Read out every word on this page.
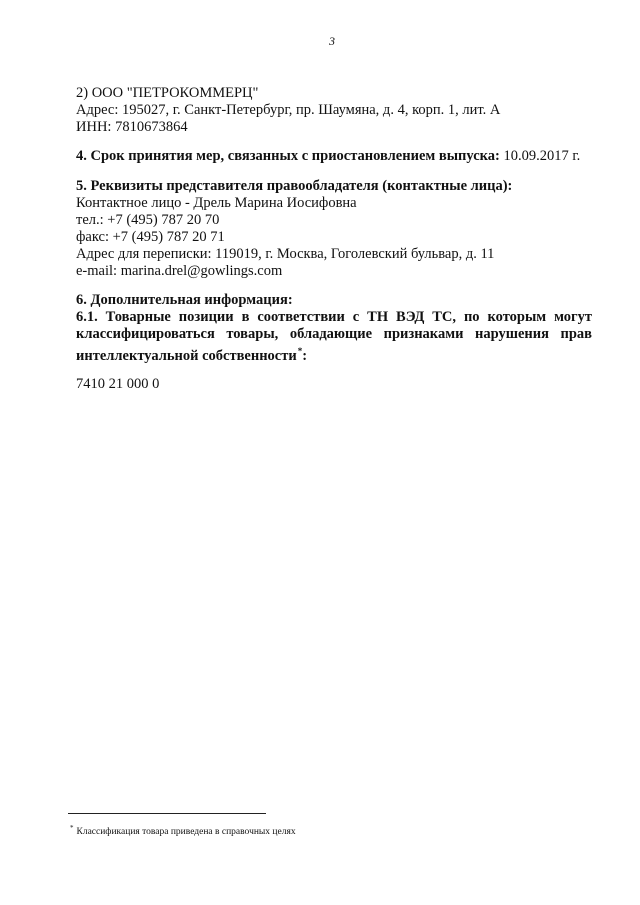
3
2) ООО "ПЕТРОКОММЕРЦ"
Адрес: 195027, г. Санкт-Петербург, пр. Шаумяна, д. 4, корп. 1, лит. А
ИНН: 7810673864
4. Срок принятия мер, связанных с приостановлением выпуска: 10.09.2017 г.
5. Реквизиты представителя правообладателя (контактные лица):
Контактное лицо - Дрель Марина Иосифовна
тел.: +7 (495) 787 20 70
факс: +7 (495) 787 20 71
Адрес для переписки: 119019, г. Москва, Гоголевский бульвар, д. 11
e-mail: marina.drel@gowlings.com
6. Дополнительная информация:
6.1. Товарные позиции в соответствии с ТН ВЭД ТС, по которым могут
классифицироваться товары, обладающие признаками нарушения прав
интеллектуальной собственности*:
7410 21 000 0
* Классификация товара приведена в справочных целях
